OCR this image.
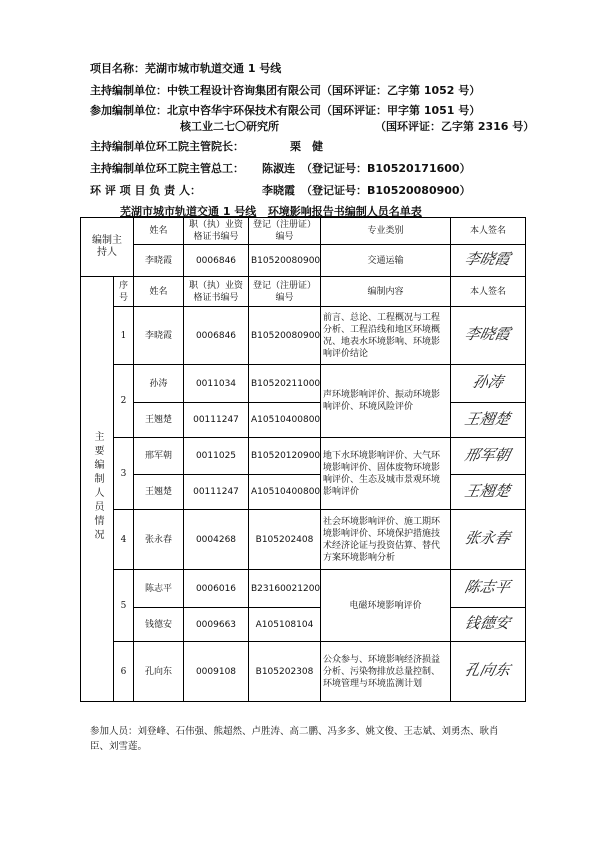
项目名称：芜湖市城市轨道交通 1 号线
主持编制单位：中铁工程设计咨询集团有限公司（国环评证：乙字第 1052 号）
参加编制单位：北京中咨华宇环保技术有限公司（国环评证：甲字第 1051 号）
核工业二七〇研究所	（国环评证：乙字第 2316 号）
主持编制单位环工院主管院长：	栗　健
主持编制单位环工院主管总工： 陈淑连 （登记证号：B10520171600）
环 评 项 目 负 责 人：	李晓霞 （登记证号：B10520080900）
芜湖市城市轨道交通 1 号线 环境影响报告书编制人员名单表
编制主持人		姓名	职（执）业资格证书编号	登记（注册证）编号	专业类别	本人签名
		李晓霞	0006846	B10520080900	交通运输	李晓霞
主要编制人员情况	序号	姓名	职（执）业资格证书编号	登记（注册证）编号	编制内容	本人签名
	1	李晓霞	0006846	B10520080900	前言、总论、工程概况与工程分析、工程沿线和地区环境概况、地表水环境影响、环境影响评价结论	李晓霞
	2	孙涛	0011034	B10520211000	声环境影响评价、振动环境影响评价、环境风险评价	孙涛
		王翘楚	00111247	A10510400800		王翘楚
	3	邢军朝	0011025	B10520120900	地下水环境影响评价、大气环境影响评价、固体废物环境影响评价、生态及城市景观环境影响评价	邢军朝
		王翘楚	00111247	A10510400800		王翘楚
	4	张永春	0004268	B105202408	社会环境影响评价、施工期环境影响评价、环境保护措施技术经济论证与投资估算、替代方案环境影响分析	张永春
	5	陈志平	0006016	B23160021200	电磁环境影响评价	陈志平
		钱德安	0009663	A105108104		钱德安
	6	孔向东	0009108	B105202308	公众参与、环境影响经济损益分析、污染物排放总量控制、环境管理与环境监测计划	孔向东
参加人员：刘登峰、石伟强、熊超然、卢胜涛、高二鹏、冯多多、姚文俊、王志斌、刘勇杰、耿肖臣、刘雪莲。
